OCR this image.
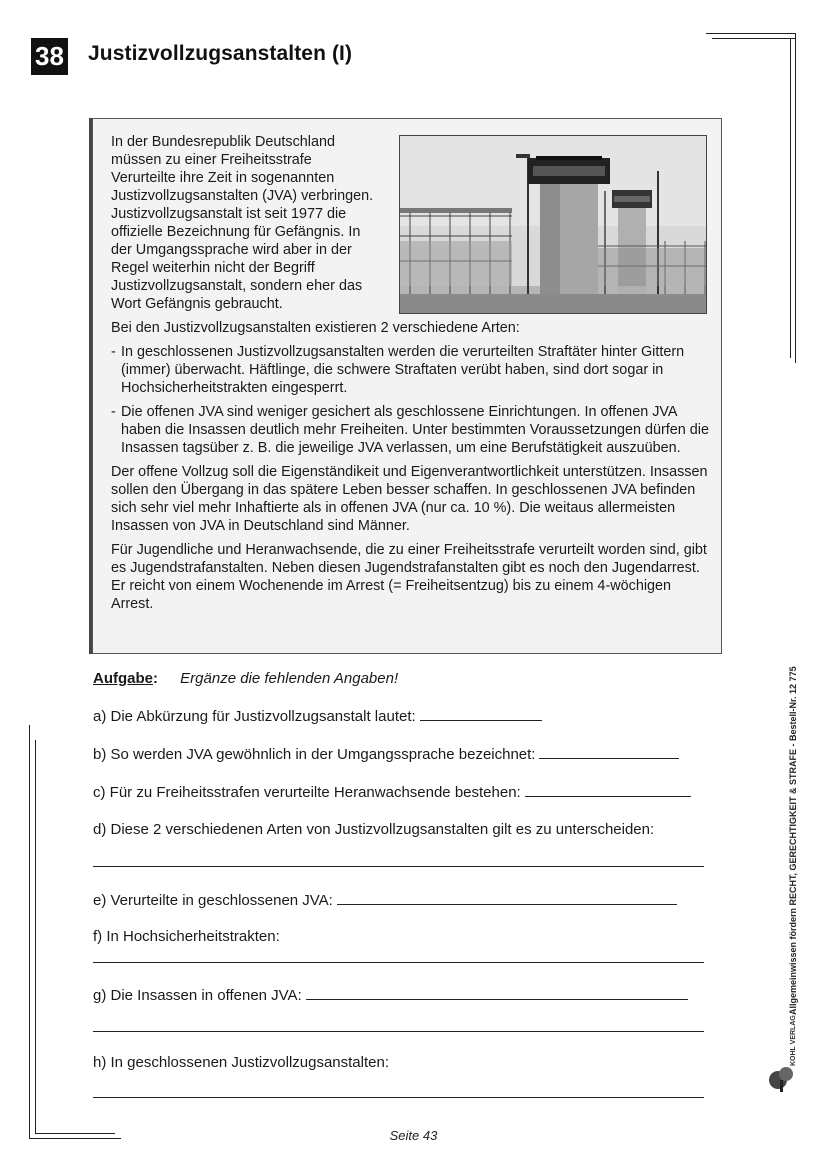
38 Justizvollzugsanstalten (I)

In der Bundesrepublik Deutschland müssen zu einer Freiheitsstrafe Verurteilte ihre Zeit in sogenannten Justizvollzugsanstalten (JVA) verbringen. Justizvollzugsanstalt ist seit 1977 die offizielle Bezeichnung für Gefängnis. In der Umgangssprache wird aber in der Regel weiterhin nicht der Begriff Justizvollzugsanstalt, sondern eher das Wort Gefängnis gebraucht.

Bei den Justizvollzugsanstalten existieren 2 verschiedene Arten:

- In geschlossenen Justizvollzugsanstalten werden die verurteilten Straftäter hinter Gittern (immer) überwacht. Häftlinge, die schwere Straftaten verübt haben, sind dort sogar in Hochsicherheitstrakten eingesperrt.
- Die offenen JVA sind weniger gesichert als geschlossene Einrichtungen. In offenen JVA haben die Insassen deutlich mehr Freiheiten. Unter bestimmten Voraussetzungen dürfen die Insassen tagsüber z. B. die jeweilige JVA verlassen, um eine Berufstätigkeit auszuüben.

Der offene Vollzug soll die Eigenständikeit und Eigenverantwortlichkeit unterstützen. Insassen sollen den Übergang in das spätere Leben besser schaffen. In geschlossenen JVA befinden sich sehr viel mehr Inhaftierte als in offenen JVA (nur ca. 10 %). Die weitaus allermeisten Insassen von JVA in Deutschland sind Männer.

Für Jugendliche und Heranwachsende, die zu einer Freiheitsstrafe verurteilt worden sind, gibt es Jugendstrafanstalten. Neben diesen Jugendstrafanstalten gibt es noch den Jugendarrest. Er reicht von einem Wochenende im Arrest (= Freiheitsentzug) bis zu einem 4-wöchigen Arrest.

Aufgabe: Ergänze die fehlenden Angaben!
a) Die Abkürzung für Justizvollzugsanstalt lautet:
b) So werden JVA gewöhnlich in der Umgangssprache bezeichnet:
c) Für zu Freiheitsstrafen verurteilte Heranwachsende bestehen:
d) Diese 2 verschiedenen Arten von Justizvollzugsanstalten gilt es zu unterscheiden:
e) Verurteilte in geschlossenen JVA:
f) In Hochsicherheitstrakten:
g) Die Insassen in offenen JVA:
h) In geschlossenen Justizvollzugsanstalten:
Allgemeinwissen fördern RECHT, GERECHTIGKEIT & STRAFE - Bestell-Nr. 12 775
KOHL VERLAG
Seite 43
